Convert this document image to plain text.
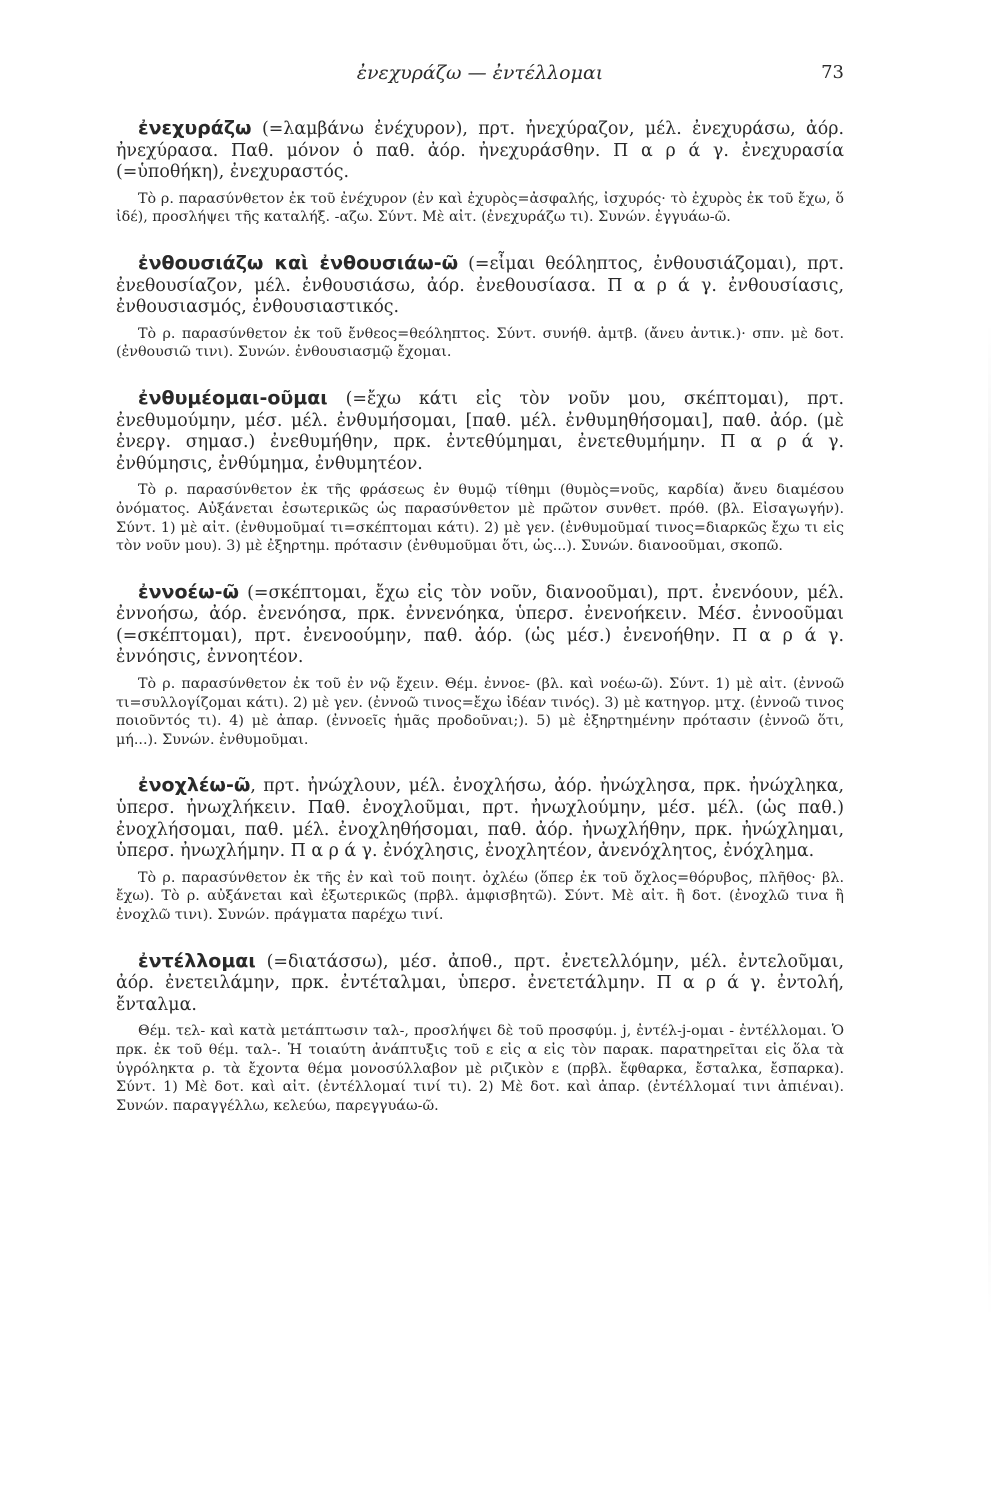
ἐνεχυράζω — ἐντέλλομαι	73

ἐνεχυράζω (=λαμβάνω ἐνέχυρον), πρτ. ἠνεχύραζον, μέλ. ἐνεχυράσω, ἀόρ. ἠνεχύρασα. Παθ. μόνον ὁ παθ. ἀόρ. ἠνεχυράσθην. Π α ρ ά γ. ἐνεχυρασία (=ὑποθήκη), ἐνεχυραστός.

Τὸ ρ. παρασύνθετον ἐκ τοῦ ἐνέχυρον (ἐν καὶ ἐχυρὸς=ἀσφαλής, ἰσχυρός· τὸ ἐχυρὸς ἐκ τοῦ ἔχω, ὅ ἰδέ), προσλήψει τῆς καταλήξ. -αζω. Σύντ. Μὲ αἰτ. (ἐνεχυράζω τι). Συνών. ἐγγυάω-ῶ.

ἐνθουσιάζω καὶ ἐνθουσιάω-ῶ (=εἶμαι θεόληπτος, ἐνθουσιάζομαι), πρτ. ἐνεθουσίαζον, μέλ. ἐνθουσιάσω, ἀόρ. ἐνεθουσίασα. Π α ρ ά γ. ἐνθουσίασις, ἐνθουσιασμός, ἐνθουσιαστικός.

Τὸ ρ. παρασύνθετον ἐκ τοῦ ἔνθεος=θεόληπτος. Σύντ. συνήθ. ἀμτβ. (ἄνευ ἀντικ.)· σπν. μὲ δοτ. (ἐνθουσιῶ τινι). Συνών. ἐνθουσιασμῷ ἔχομαι.

ἐνθυμέομαι-οῦμαι (=ἔχω κάτι εἰς τὸν νοῦν μου, σκέπτομαι), πρτ. ἐνεθυμούμην, μέσ. μέλ. ἐνθυμήσομαι, [παθ. μέλ. ἐνθυμηθήσομαι], παθ. ἀόρ. (μὲ ἐνεργ. σημασ.) ἐνεθυμήθην, πρκ. ἐντεθύμημαι, ἐνετεθυμήμην. Π α ρ ά γ. ἐνθύμησις, ἐνθύμημα, ἐνθυμητέον.

Τὸ ρ. παρασύνθετον ἐκ τῆς φράσεως ἐν θυμῷ τίθημι (θυμὸς=νοῦς, καρδία) ἄνευ διαμέσου ὀνόματος. Αὐξάνεται ἐσωτερικῶς ὡς παρασύνθετον μὲ πρῶτον συνθετ. πρόθ. (βλ. Εἰσαγωγήν). Σύντ. 1) μὲ αἰτ. (ἐνθυμοῦμαί τι=σκέπτομαι κάτι). 2) μὲ γεν. (ἐνθυμοῦμαί τινος=διαρκῶς ἔχω τι εἰς τὸν νοῦν μου). 3) μὲ ἐξηρτημ. πρότασιν (ἐνθυμοῦμαι ὅτι, ὡς...). Συνών. διανοοῦμαι, σκοπῶ.

ἐννοέω-ῶ (=σκέπτομαι, ἔχω εἰς τὸν νοῦν, διανοοῦμαι), πρτ. ἐνενόουν, μέλ. ἐννοήσω, ἀόρ. ἐνενόησα, πρκ. ἐννενόηκα, ὑπερσ. ἐνενοήκειν. Μέσ. ἐννοοῦμαι (=σκέπτομαι), πρτ. ἐνενοούμην, παθ. ἀόρ. (ὡς μέσ.) ἐνενοήθην. Π α ρ ά γ. ἐννόησις, ἐννοητέον.

Τὸ ρ. παρασύνθετον ἐκ τοῦ ἐν νῷ ἔχειν. Θέμ. ἐννοε- (βλ. καὶ νοέω-ῶ). Σύντ. 1) μὲ αἰτ. (ἐννοῶ τι=συλλογίζομαι κάτι). 2) μὲ γεν. (ἐννοῶ τινος=ἔχω ἰδέαν τινός). 3) μὲ κατηγορ. μτχ. (ἐννοῶ τινος ποιοῦντός τι). 4) μὲ ἀπαρ. (ἐννοεῖς ἡμᾶς προδοῦναι;). 5) μὲ ἐξηρτημένην πρότασιν (ἐννοῶ ὅτι, μή...). Συνών. ἐνθυμοῦμαι.

ἐνοχλέω-ῶ, πρτ. ἠνώχλουν, μέλ. ἐνοχλήσω, ἀόρ. ἠνώχλησα, πρκ. ἠνώχληκα, ὑπερσ. ἠνωχλήκειν. Παθ. ἐνοχλοῦμαι, πρτ. ἠνωχλούμην, μέσ. μέλ. (ὡς παθ.) ἐνοχλήσομαι, παθ. μέλ. ἐνοχληθήσομαι, παθ. ἀόρ. ἠνωχλήθην, πρκ. ἠνώχλημαι, ὑπερσ. ἠνωχλήμην. Π α ρ ά γ. ἐνόχλησις, ἐνοχλητέον, ἀνενόχλητος, ἐνόχλημα.

Τὸ ρ. παρασύνθετον ἐκ τῆς ἐν καὶ τοῦ ποιητ. ὀχλέω (ὅπερ ἐκ τοῦ ὄχλος=θόρυβος, πλῆθος· βλ. ἔχω). Τὸ ρ. αὐξάνεται καὶ ἐξωτερικῶς (πρβλ. ἀμφισβητῶ). Σύντ. Μὲ αἰτ. ἢ δοτ. (ἐνοχλῶ τινα ἢ ἐνοχλῶ τινι). Συνών. πράγματα παρέχω τινί.

ἐντέλλομαι (=διατάσσω), μέσ. ἀποθ., πρτ. ἐνετελλόμην, μέλ. ἐντελοῦμαι, ἀόρ. ἐνετειλάμην, πρκ. ἐντέταλμαι, ὑπερσ. ἐνετετάλμην. Π α ρ ά γ. ἐντολή, ἔνταλμα.

Θέμ. τελ- καὶ κατὰ μετάπτωσιν ταλ-, προσλήψει δὲ τοῦ προσφύμ. j, ἐντέλ-j-ομαι - ἐντέλλομαι. Ὁ πρκ. ἐκ τοῦ θέμ. ταλ-. Ἡ τοιαύτη ἀνάπτυξις τοῦ ε εἰς α εἰς τὸν παρακ. παρατηρεῖται εἰς ὅλα τὰ ὑγρόληκτα ρ. τὰ ἔχοντα θέμα μονοσύλλαβον μὲ ριζικὸν ε (πρβλ. ἔφθαρκα, ἔσταλκα, ἔσπαρκα). Σύντ. 1) Μὲ δοτ. καὶ αἰτ. (ἐντέλλομαί τινί τι). 2) Μὲ δοτ. καὶ ἀπαρ. (ἐντέλλομαί τινι ἀπιέναι). Συνών. παραγγέλλω, κελεύω, παρεγγυάω-ῶ.
